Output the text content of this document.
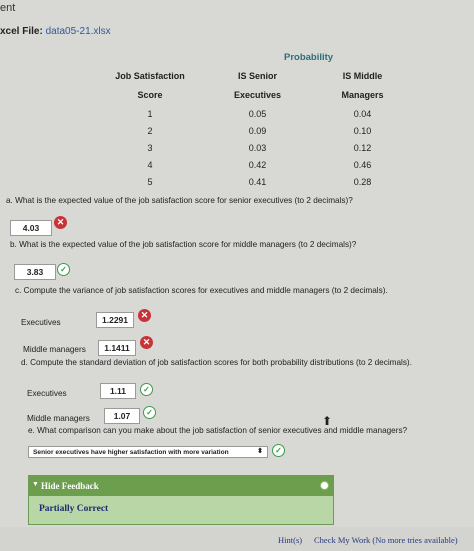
ent
xcel File: data05-21.xlsx
Probability
Job Satisfaction
Score
IS Senior
Executives
IS Middle
Managers
1	0.05	0.04
2	0.09	0.10
3	0.03	0.12
4	0.42	0.46
5	0.41	0.28
a. What is the expected value of the job satisfaction score for senior executives (to 2 decimals)?
4.03
✕
b. What is the expected value of the job satisfaction score for middle managers (to 2 decimals)?
3.83	✓
c. Compute the variance of job satisfaction scores for executives and middle managers (to 2 decimals).
Executives	1.2291	✕
Middle managers	1.1411
✕
d. Compute the standard deviation of job satisfaction scores for both probability distributions (to 2 decimals).
Executives	1.11	✓
Middle managers	1.07	✓
e. What comparison can you make about the job satisfaction of senior executives and middle managers?
Senior executives have higher satisfaction with more variation	⬍	✓
⬆
▼ Hide Feedback
Partially Correct
Hint(s) Check My Work (No more tries available)
